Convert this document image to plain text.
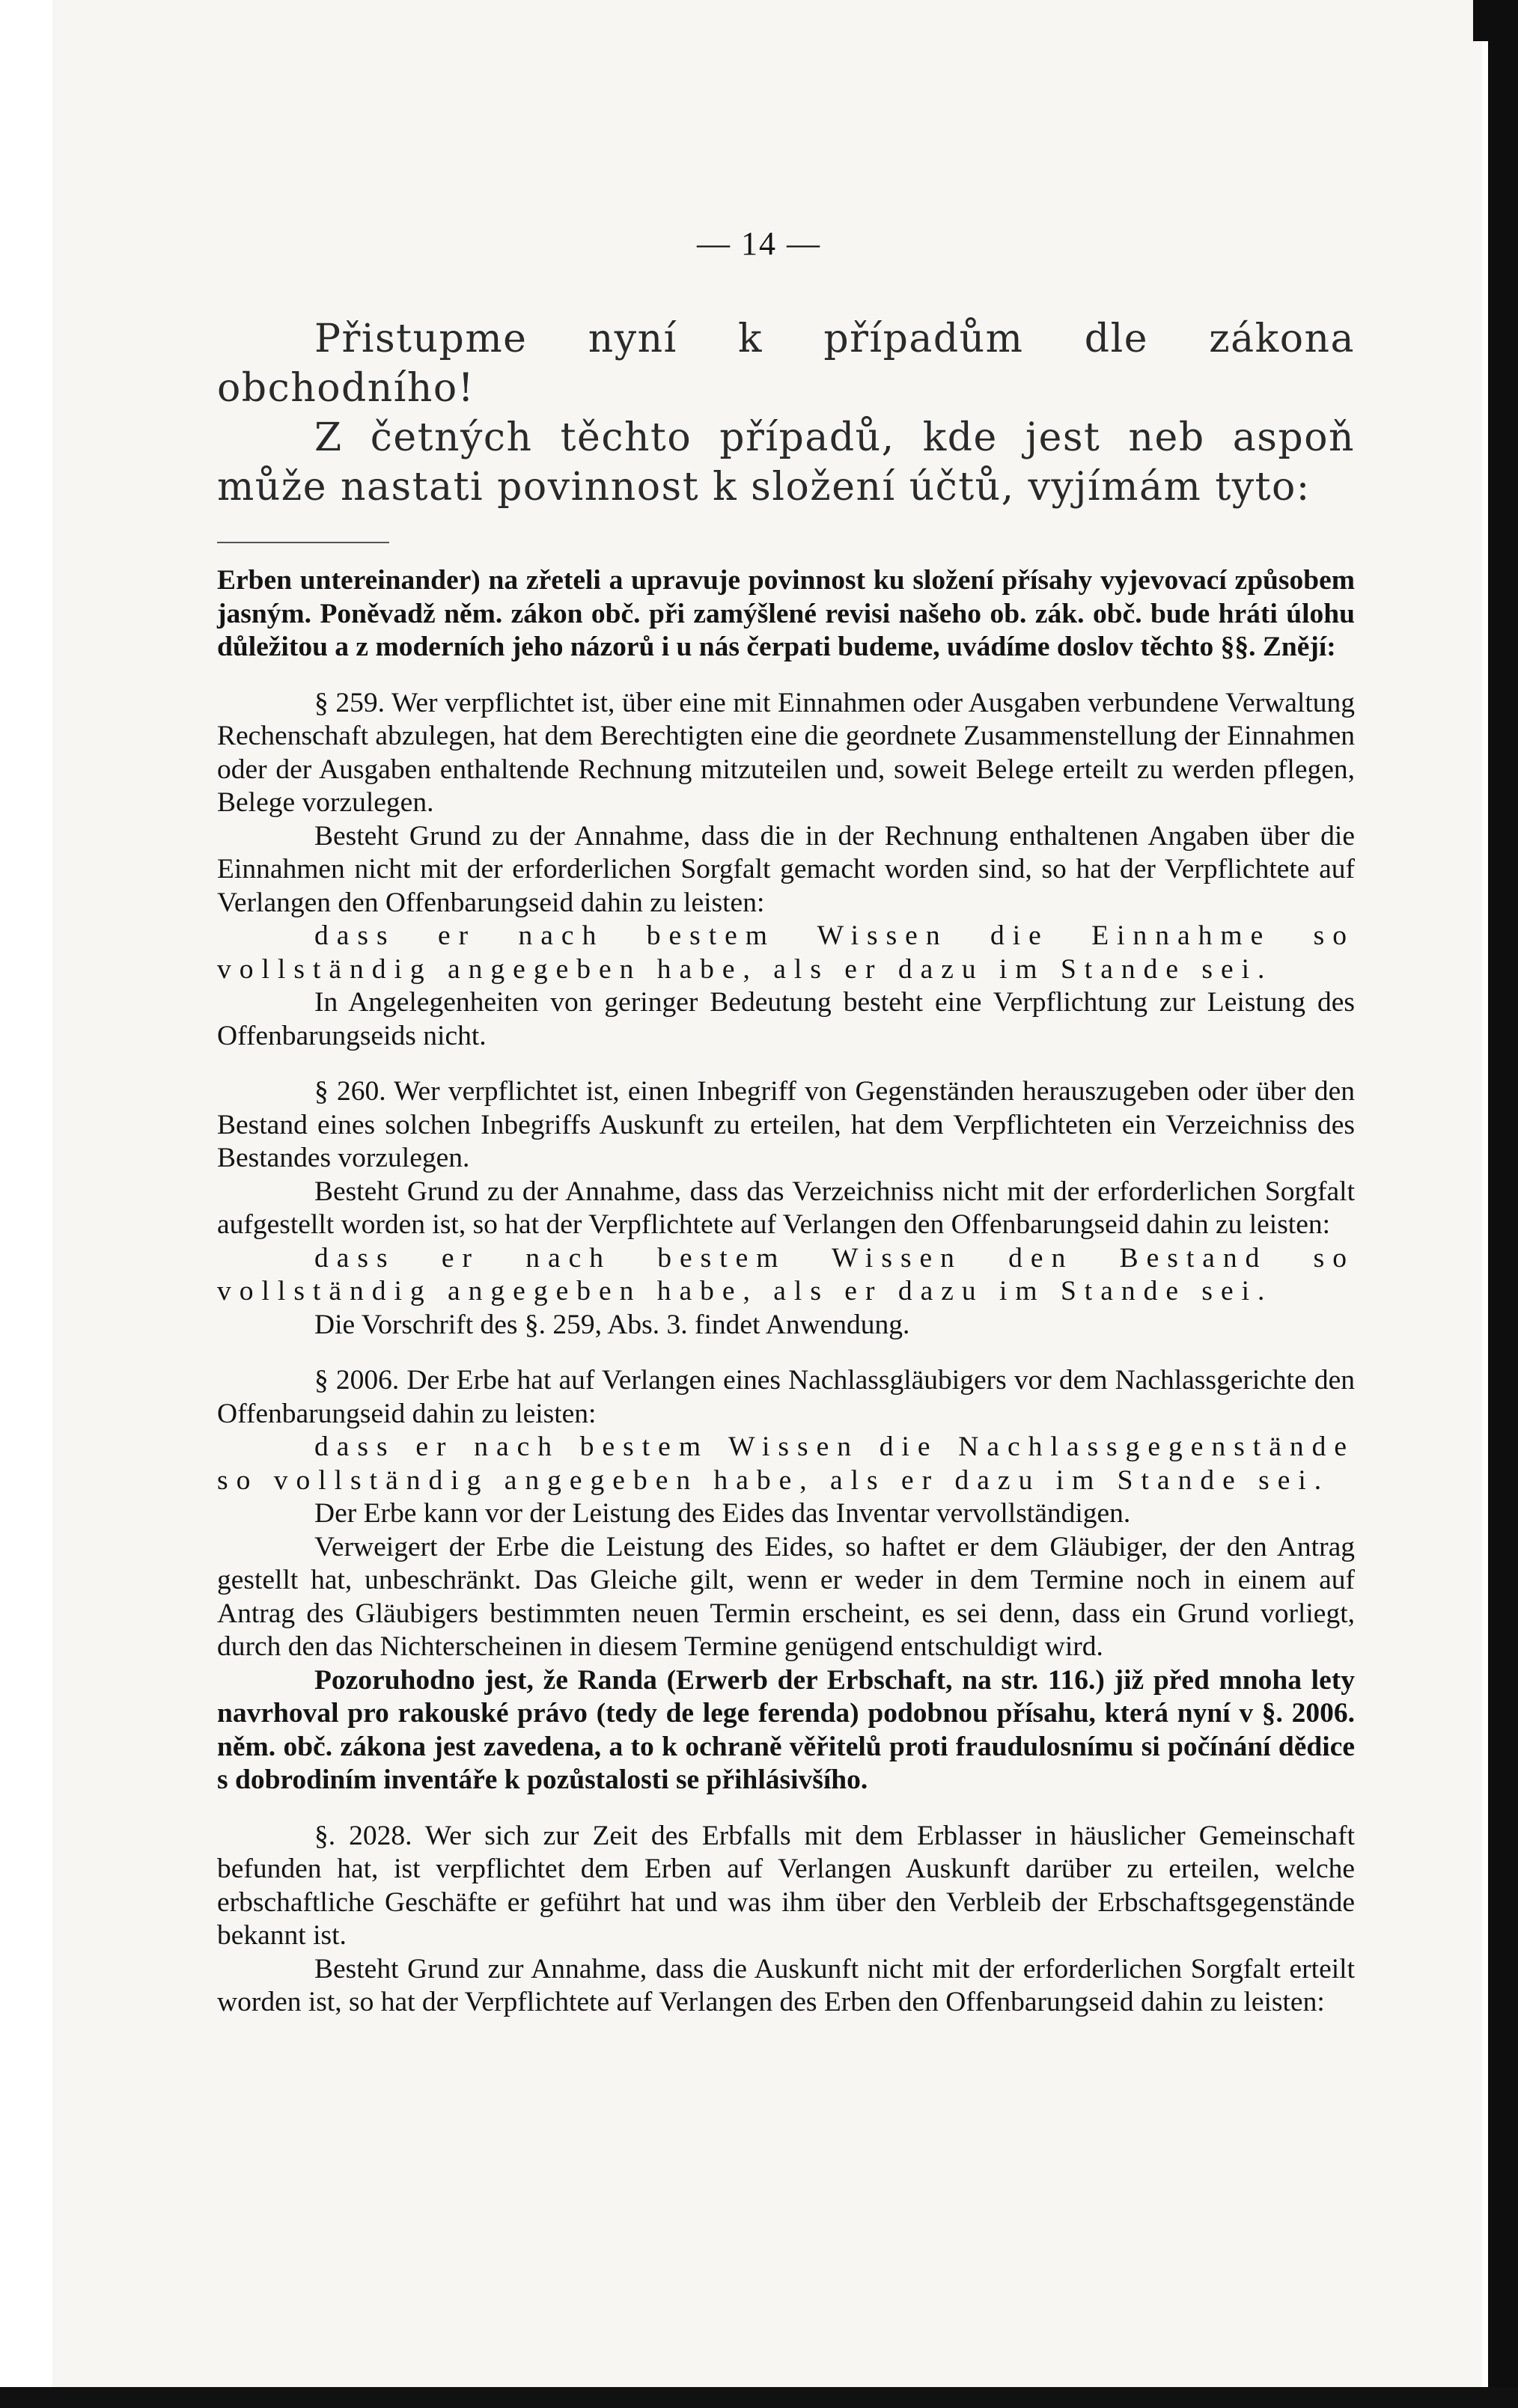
— 14 —

Přistupme nyní k případům dle zákona obchodního!

Z četných těchto případů, kde jest neb aspoň může nastati povinnost k složení účtů, vyjímám tyto:

Erben untereinander) na zřeteli a upravuje povinnost ku složení přísahy vyjevovací způsobem jasným. Poněvadž něm. zákon obč. při zamýšlené revisi našeho ob. zák. obč. bude hráti úlohu důležitou a z moderních jeho názorů i u nás čerpati budeme, uvádíme doslov těchto §§. Znějí:

§ 259. Wer verpflichtet ist, über eine mit Einnahmen oder Ausgaben verbundene Verwaltung Rechenschaft abzulegen, hat dem Berechtigten eine die geordnete Zusammenstellung der Einnahmen oder der Ausgaben enthaltende Rechnung mitzuteilen und, soweit Belege erteilt zu werden pflegen, Belege vorzulegen.

Besteht Grund zu der Annahme, dass die in der Rechnung enthaltenen Angaben über die Einnahmen nicht mit der erforderlichen Sorgfalt gemacht worden sind, so hat der Verpflichtete auf Verlangen den Offenbarungseid dahin zu leisten:

dass er nach bestem Wissen die Einnahme so vollständig angegeben habe, als er dazu im Stande sei.

In Angelegenheiten von geringer Bedeutung besteht eine Verpflichtung zur Leistung des Offenbarungseids nicht.

§ 260. Wer verpflichtet ist, einen Inbegriff von Gegenständen herauszugeben oder über den Bestand eines solchen Inbegriffs Auskunft zu erteilen, hat dem Verpflichteten ein Verzeichniss des Bestandes vorzulegen.

Besteht Grund zu der Annahme, dass das Verzeichniss nicht mit der erforderlichen Sorgfalt aufgestellt worden ist, so hat der Verpflichtete auf Verlangen den Offenbarungseid dahin zu leisten:

dass er nach bestem Wissen den Bestand so vollständig angegeben habe, als er dazu im Stande sei.

Die Vorschrift des §. 259, Abs. 3. findet Anwendung.

§ 2006. Der Erbe hat auf Verlangen eines Nachlassgläubigers vor dem Nachlassgerichte den Offenbarungseid dahin zu leisten:

dass er nach bestem Wissen die Nachlassgegenstände so vollständig angegeben habe, als er dazu im Stande sei.

Der Erbe kann vor der Leistung des Eides das Inventar vervollständigen.

Verweigert der Erbe die Leistung des Eides, so haftet er dem Gläubiger, der den Antrag gestellt hat, unbeschränkt. Das Gleiche gilt, wenn er weder in dem Termine noch in einem auf Antrag des Gläubigers bestimmten neuen Termin erscheint, es sei denn, dass ein Grund vorliegt, durch den das Nichterscheinen in diesem Termine genügend entschuldigt wird.

Pozoruhodno jest, že Randa (Erwerb der Erbschaft, na str. 116.) již před mnoha lety navrhoval pro rakouské právo (tedy de lege ferenda) podobnou přísahu, která nyní v §. 2006. něm. obč. zákona jest zavedena, a to k ochraně věřitelů proti fraudulosnímu si počínání dědice s dobrodiním inventáře k pozůstalosti se přihlásivšího.

§. 2028. Wer sich zur Zeit des Erbfalls mit dem Erblasser in häuslicher Gemeinschaft befunden hat, ist verpflichtet dem Erben auf Verlangen Auskunft darüber zu erteilen, welche erbschaftliche Geschäfte er geführt hat und was ihm über den Verbleib der Erbschaftsgegenstände bekannt ist.

Besteht Grund zur Annahme, dass die Auskunft nicht mit der erforderlichen Sorgfalt erteilt worden ist, so hat der Verpflichtete auf Verlangen des Erben den Offenbarungseid dahin zu leisten:
